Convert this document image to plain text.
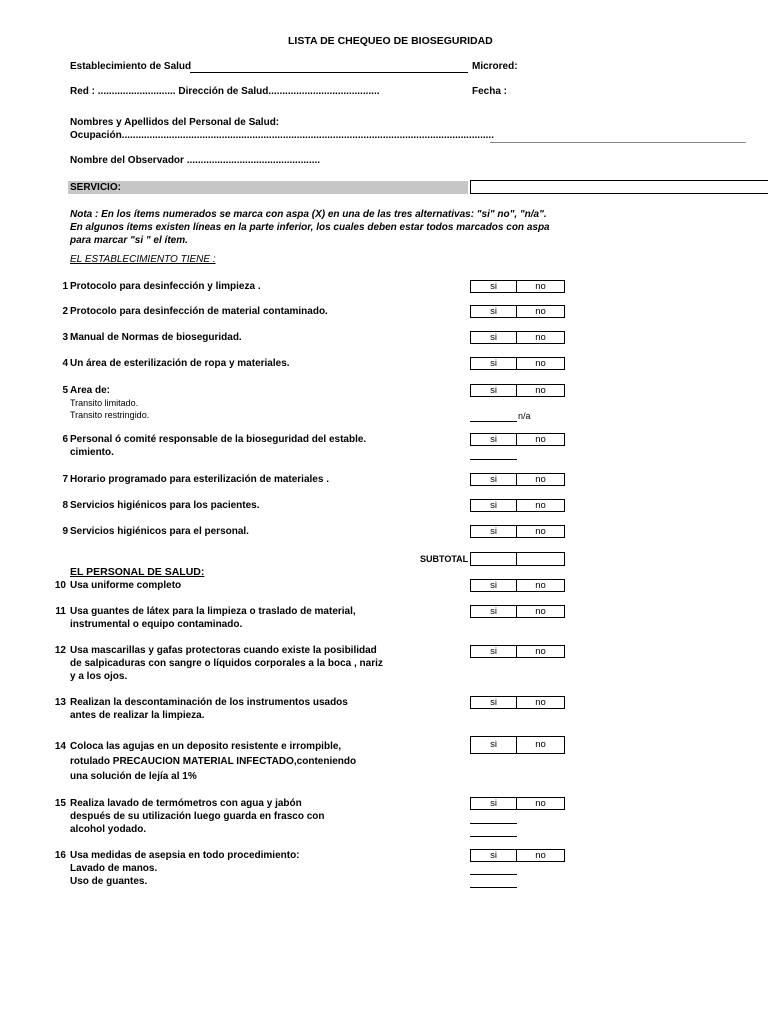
LISTA DE CHEQUEO DE BIOSEGURIDAD
Establecimiento de Salud	Microred:
Red : ............................ Dirección de Salud........................................	Fecha :
Nombres y Apellidos del Personal de Salud:
Ocupación......................................................................................................................................
Nombre del Observador ................................................
SERVICIO:
Nota : En los ítems numerados se marca con aspa (X) en una de las tres alternativas: "si" no", "n/a".
En algunos ítems existen líneas en la parte inferior, los cuales deben estar todos marcados con aspa
para marcar "si " el ítem.
EL ESTABLECIMIENTO TIENE :
1 Protocolo para desinfección y limpieza .	si	no
2 Protocolo para desinfección de material contaminado.	si	no
3 Manual de Normas de bioseguridad.	si	no
4 Un área de esterilización de ropa y materiales.	si	no
5 Area de:
Transito limitado.
Transito restringido.
si	no
n/a
6 Personal ó comité responsable de la bioseguridad del estable.
cimiento.
si	no
7 Horario programado para esterilización de materiales .	si	no
8 Servicios higiénicos para los pacientes.	si	no
9 Servicios higiénicos para el personal.	si	no
SUBTOTAL
EL PERSONAL DE SALUD:
10 Usa uniforme completo	si	no
11 Usa guantes de látex para la limpieza o traslado de material,
instrumental o equipo contaminado.
si	no
12 Usa mascarillas y gafas protectoras cuando existe la posibilidad
de salpicaduras con sangre o líquidos corporales a la boca , nariz
y a los ojos.
si	no
13 Realizan la descontaminación de los instrumentos usados
antes de realizar la limpieza.
si	no
14 Coloca las agujas en un deposito resistente e irrompible,
rotulado PRECAUCION MATERIAL INFECTADO,conteniendo
una solución de lejía al 1%
si	no
15 Realiza lavado de termómetros con agua y jabón
después de su utilización luego guarda en frasco con
alcohol yodado.
si	no
16 Usa medidas de asepsia en todo procedimiento:
Lavado de manos.
Uso de guantes.
si	no
